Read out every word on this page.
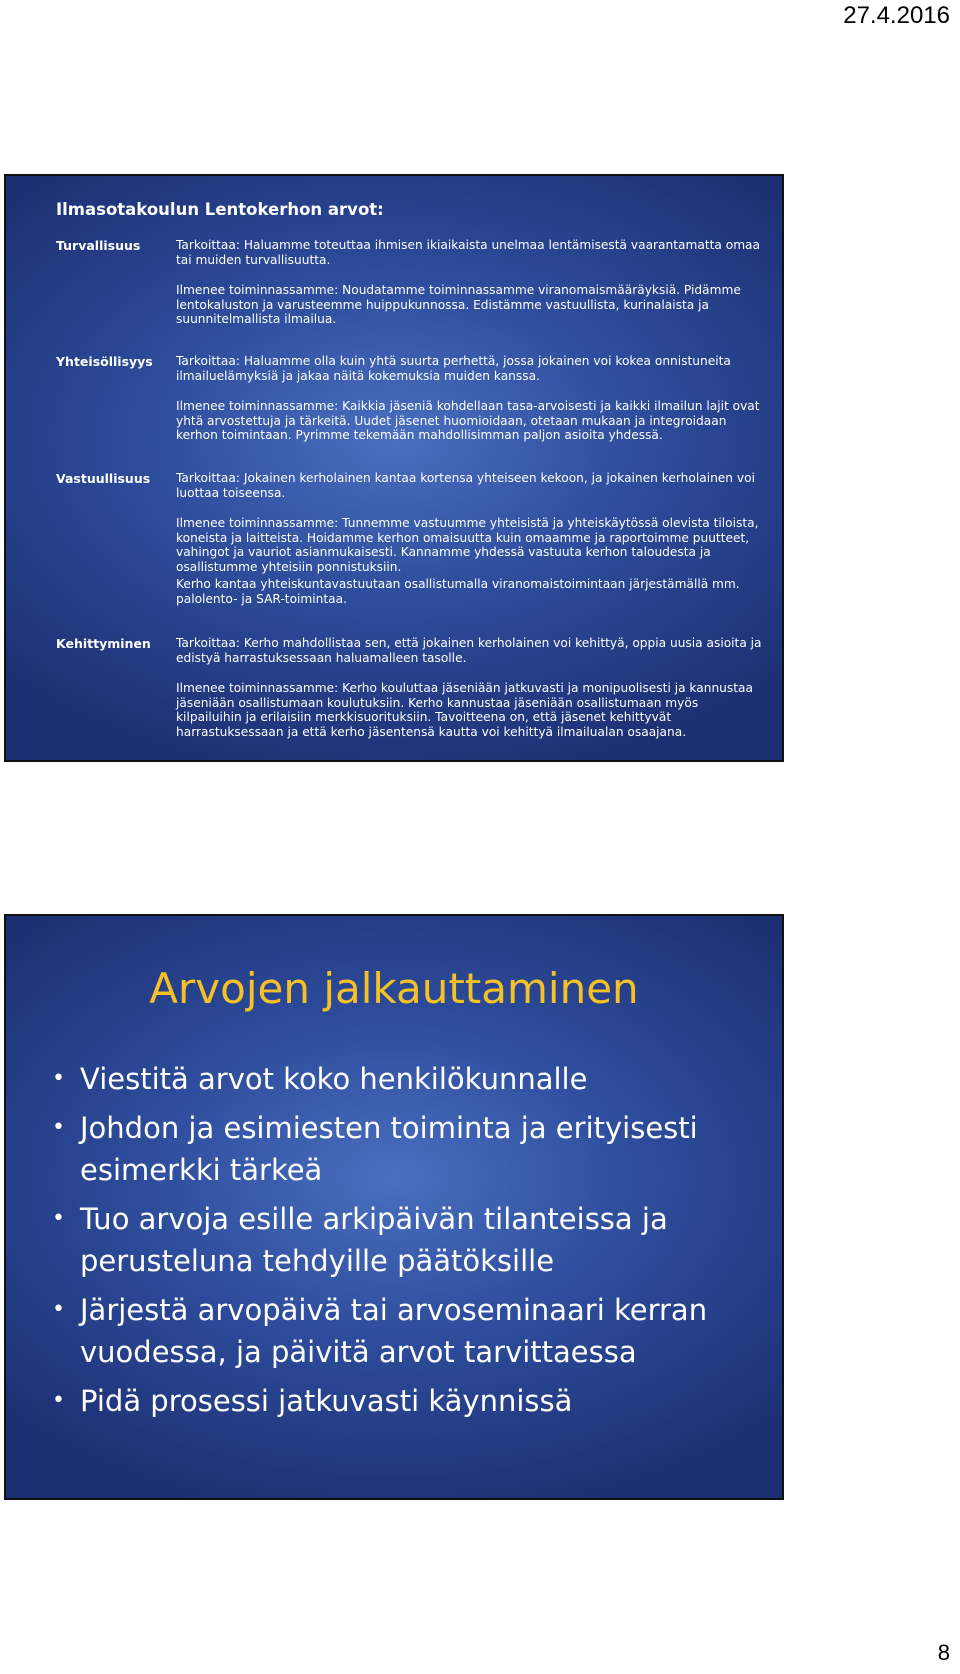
27.4.2016
Ilmasotakoulun Lentokerhon arvot:
Turvallisuus	Tarkoittaa: Haluamme toteuttaa ihmisen ikiaikaista unelmaa lentämisestä vaarantamatta omaa tai muiden turvallisuutta.

Ilmenee toiminnassamme: Noudatamme toiminnassamme viranomaismääräyksiä. Pidämme lentokaluston ja varusteemme huippukunnossa. Edistämme vastuullista, kurinalaista ja suunnitelmallista ilmailua.

Yhteisöllisyys	Tarkoittaa: Haluamme olla kuin yhtä suurta perhettä, jossa jokainen voi kokea onnistuneita ilmailuelämyksiä ja jakaa näitä kokemuksia muiden kanssa.

Ilmenee toiminnassamme: Kaikkia jäseniä kohdellaan tasa-arvoisesti ja kaikki ilmailun lajit ovat yhtä arvostettuja ja tärkeitä. Uudet jäsenet huomioidaan, otetaan mukaan ja integroidaan kerhon toimintaan. Pyrimme tekemään mahdollisimman paljon asioita yhdessä.

Vastuullisuus	Tarkoittaa: Jokainen kerholainen kantaa kortensa yhteiseen kekoon, ja jokainen kerholainen voi luottaa toiseensa.

Ilmenee toiminnassamme: Tunnemme vastuumme yhteisistä ja yhteiskäytössä olevista tiloista, koneista ja laitteista. Hoidamme kerhon omaisuutta kuin omaamme ja raportoimme puutteet, vahingot ja vauriot asianmukaisesti. Kannamme yhdessä vastuuta kerhon taloudesta ja osallistumme yhteisiin ponnistuksiin.

Kerho kantaa yhteiskuntavastuutaan osallistumalla viranomaistoimintaan järjestämällä mm. palolento- ja SAR-toimintaa.

Kehittyminen	Tarkoittaa: Kerho mahdollistaa sen, että jokainen kerholainen voi kehittyä, oppia uusia asioita ja edistyä harrastuksessaan haluamalleen tasolle.

Ilmenee toiminnassamme: Kerho kouluttaa jäseniään jatkuvasti ja monipuolisesti ja kannustaa jäseniään osallistumaan koulutuksiin. Kerho kannustaa jäseniään osallistumaan myös kilpailuihin ja erilaisiin merkkisuorituksiin. Tavoitteena on, että jäsenet kehittyvät harrastuksessaan ja että kerho jäsentensä kautta voi kehittyä ilmailualan osaajana.

Arvojen jalkauttaminen
• Viestitä arvot koko henkilökunnalle
• Johdon ja esimiesten toiminta ja erityisesti esimerkki tärkeä
• Tuo arvoja esille arkipäivän tilanteissa ja perusteluna tehdyille päätöksille
• Järjestä arvopäivä tai arvoseminaari kerran vuodessa, ja päivitä arvot tarvittaessa
• Pidä prosessi jatkuvasti käynnissä
8
